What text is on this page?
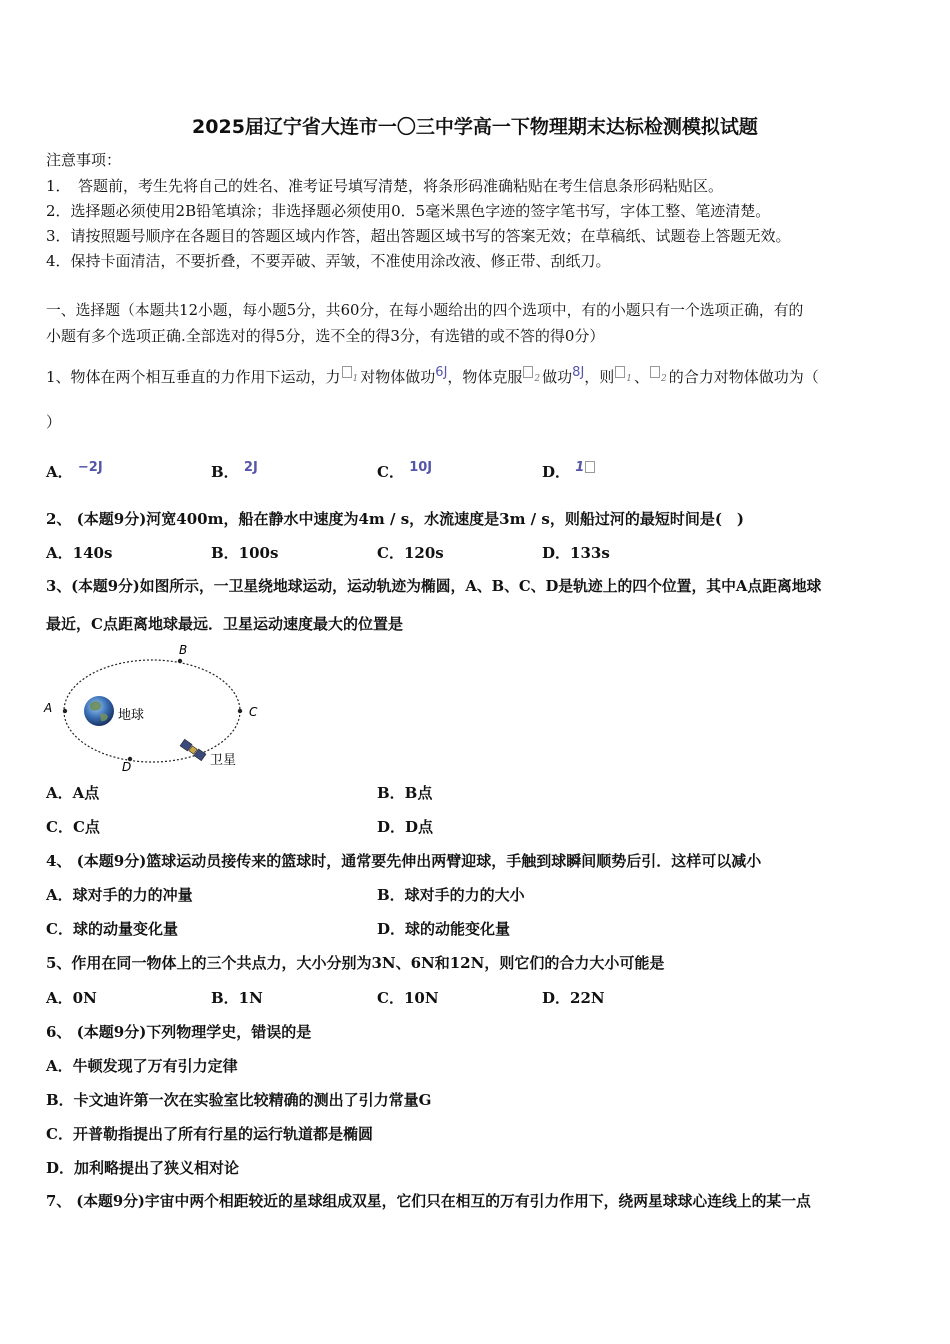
2025届辽宁省大连市一〇三中学高一下物理期末达标检测模拟试题
注意事项：
1．　答题前，考生先将自己的姓名、准考证号填写清楚，将条形码准确粘贴在考生信息条形码粘贴区。
2．选择题必须使用2B铅笔填涂；非选择题必须使用0．5毫米黑色字迹的签字笔书写，字体工整、笔迹清楚。
3．请按照题号顺序在各题目的答题区域内作答，超出答题区域书写的答案无效；在草稿纸、试题卷上答题无效。
4．保持卡面清洁，不要折叠，不要弄破、弄皱，不准使用涂改液、修正带、刮纸刀。
一、选择题（本题共12小题，每小题5分，共60分，在每小题给出的四个选项中，有的小题只有一个选项正确，有的
小题有多个选项正确.全部选对的得5分，选不全的得3分，有选错的或不答的得0分）
1、物体在两个相互垂直的力作用下运动，力 1 对物体做功6J，物体克服 2 做功8J，则 1 、 2 的合力对物体做功为（
）
A． −2J	B． 2J	C． 10J	D． 1
2、 (本题9分)河宽400m，船在静水中速度为4m / s，水流速度是3m / s，则船过河的最短时间是(　)
A．140s	B．100s	C．120s	D．133s
3、(本题9分)如图所示，一卫星绕地球运动，运动轨迹为椭圆，A、B、C、D是轨迹上的四个位置，其中A点距离地球
最近，C点距离地球最远．卫星运动速度最大的位置是
A
B
C
D
地球
卫星
A．A点	B．B点
C．C点	D．D点
4、 (本题9分)篮球运动员接传来的篮球时，通常要先伸出两臂迎球，手触到球瞬间顺势后引．这样可以减小
A．球对手的力的冲量	B．球对手的力的大小
C．球的动量变化量	D．球的动能变化量
5、作用在同一物体上的三个共点力，大小分别为3N、6N和12N，则它们的合力大小可能是
A．0N	B．1N	C．10N	D．22N
6、 (本题9分)下列物理学史，错误的是
A．牛顿发现了万有引力定律
B．卡文迪许第一次在实验室比较精确的测出了引力常量G
C．开普勒指提出了所有行星的运行轨道都是椭圆
D．加利略提出了狭义相对论
7、 (本题9分)宇宙中两个相距较近的星球组成双星，它们只在相互的万有引力作用下，绕两星球球心连线上的某一点
